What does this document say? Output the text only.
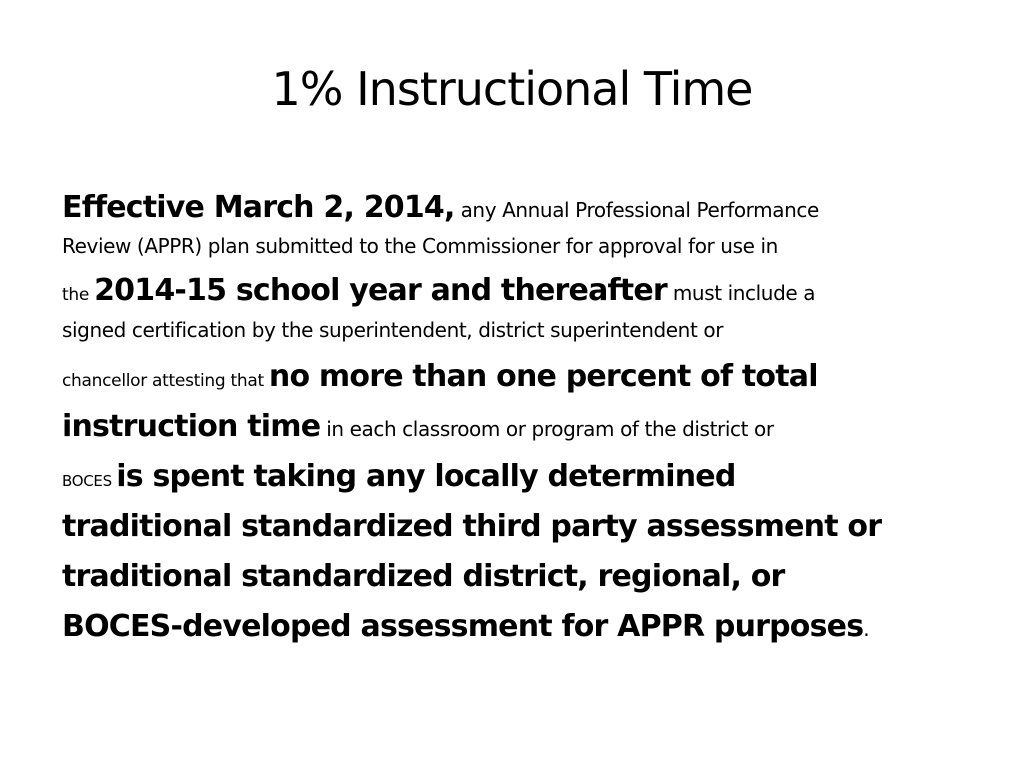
1% Instructional Time
Effective March 2, 2014, any Annual Professional Performance
Review (APPR) plan submitted to the Commissioner for approval for use in
the 2014-15 school year and thereafter must include a
signed certification by the superintendent, district superintendent or
chancellor attesting that no more than one percent of total
instruction time in each classroom or program of the district or
BOCES is spent taking any locally determined
traditional standardized third party assessment or
traditional standardized district, regional, or
BOCES-developed assessment for APPR purposes.
